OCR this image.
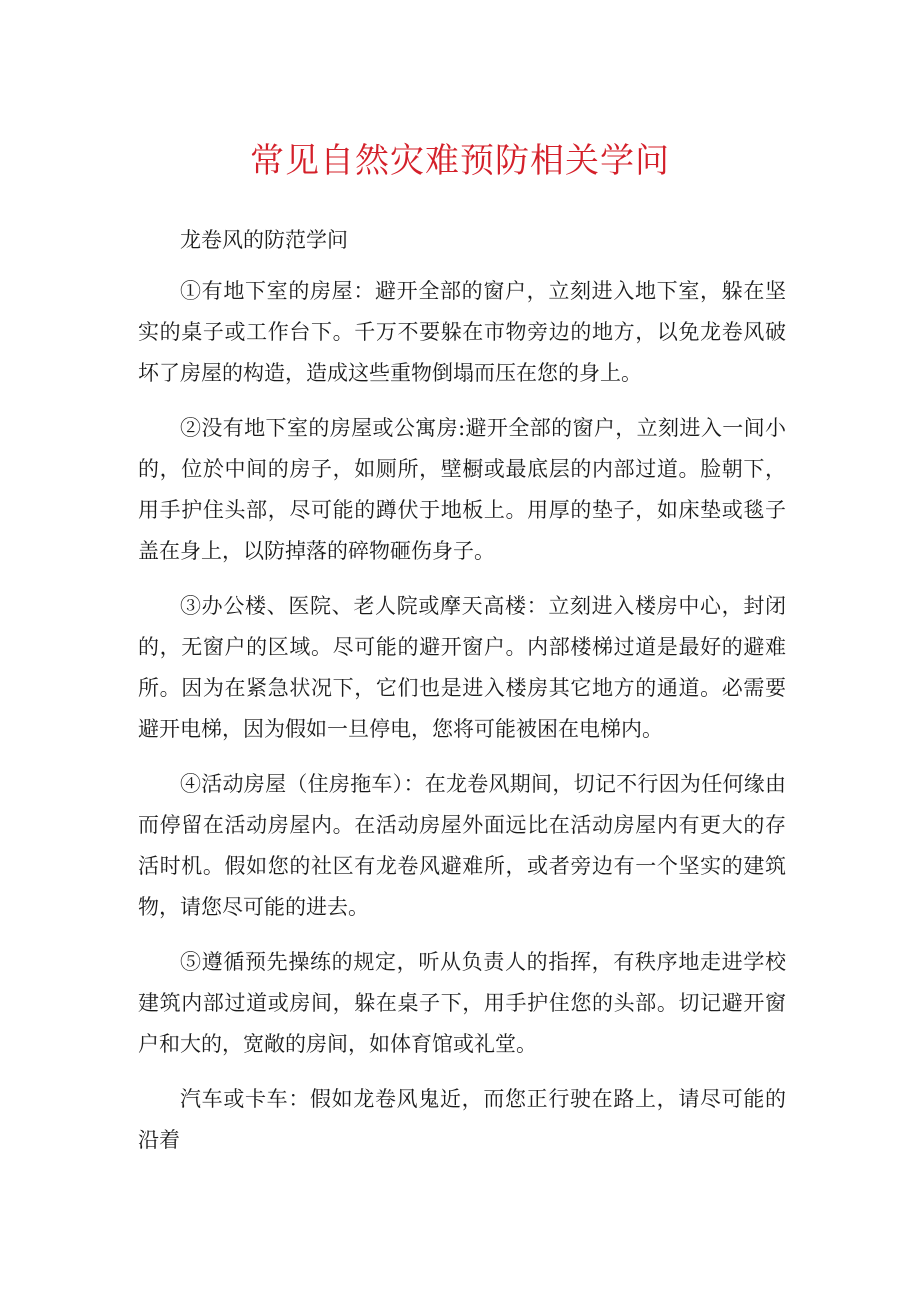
常见自然灾难预防相关学问

龙卷风的防范学问

①有地下室的房屋：避开全部的窗户，立刻进入地下室，躲在坚实的桌子或工作台下。千万不要躲在市物旁边的地方，以免龙卷风破坏了房屋的构造，造成这些重物倒塌而压在您的身上。

②没有地下室的房屋或公寓房:避开全部的窗户，立刻进入一间小的，位於中间的房子，如厕所，壁橱或最底层的内部过道。脸朝下，用手护住头部，尽可能的蹲伏于地板上。用厚的垫子，如床垫或毯子盖在身上，以防掉落的碎物砸伤身子。

③办公楼、医院、老人院或摩天高楼：立刻进入楼房中心，封闭的，无窗户的区域。尽可能的避开窗户。内部楼梯过道是最好的避难所。因为在紧急状况下，它们也是进入楼房其它地方的通道。必需要避开电梯，因为假如一旦停电，您将可能被困在电梯内。

④活动房屋（住房拖车）：在龙卷风期间，切记不行因为任何缘由而停留在活动房屋内。在活动房屋外面远比在活动房屋内有更大的存活时机。假如您的社区有龙卷风避难所，或者旁边有一个坚实的建筑物，请您尽可能的进去。

⑤遵循预先操练的规定，听从负责人的指挥，有秩序地走进学校建筑内部过道或房间，躲在桌子下，用手护住您的头部。切记避开窗户和大的，宽敞的房间，如体育馆或礼堂。

汽车或卡车：假如龙卷风鬼近，而您正行驶在路上，请尽可能的沿着
